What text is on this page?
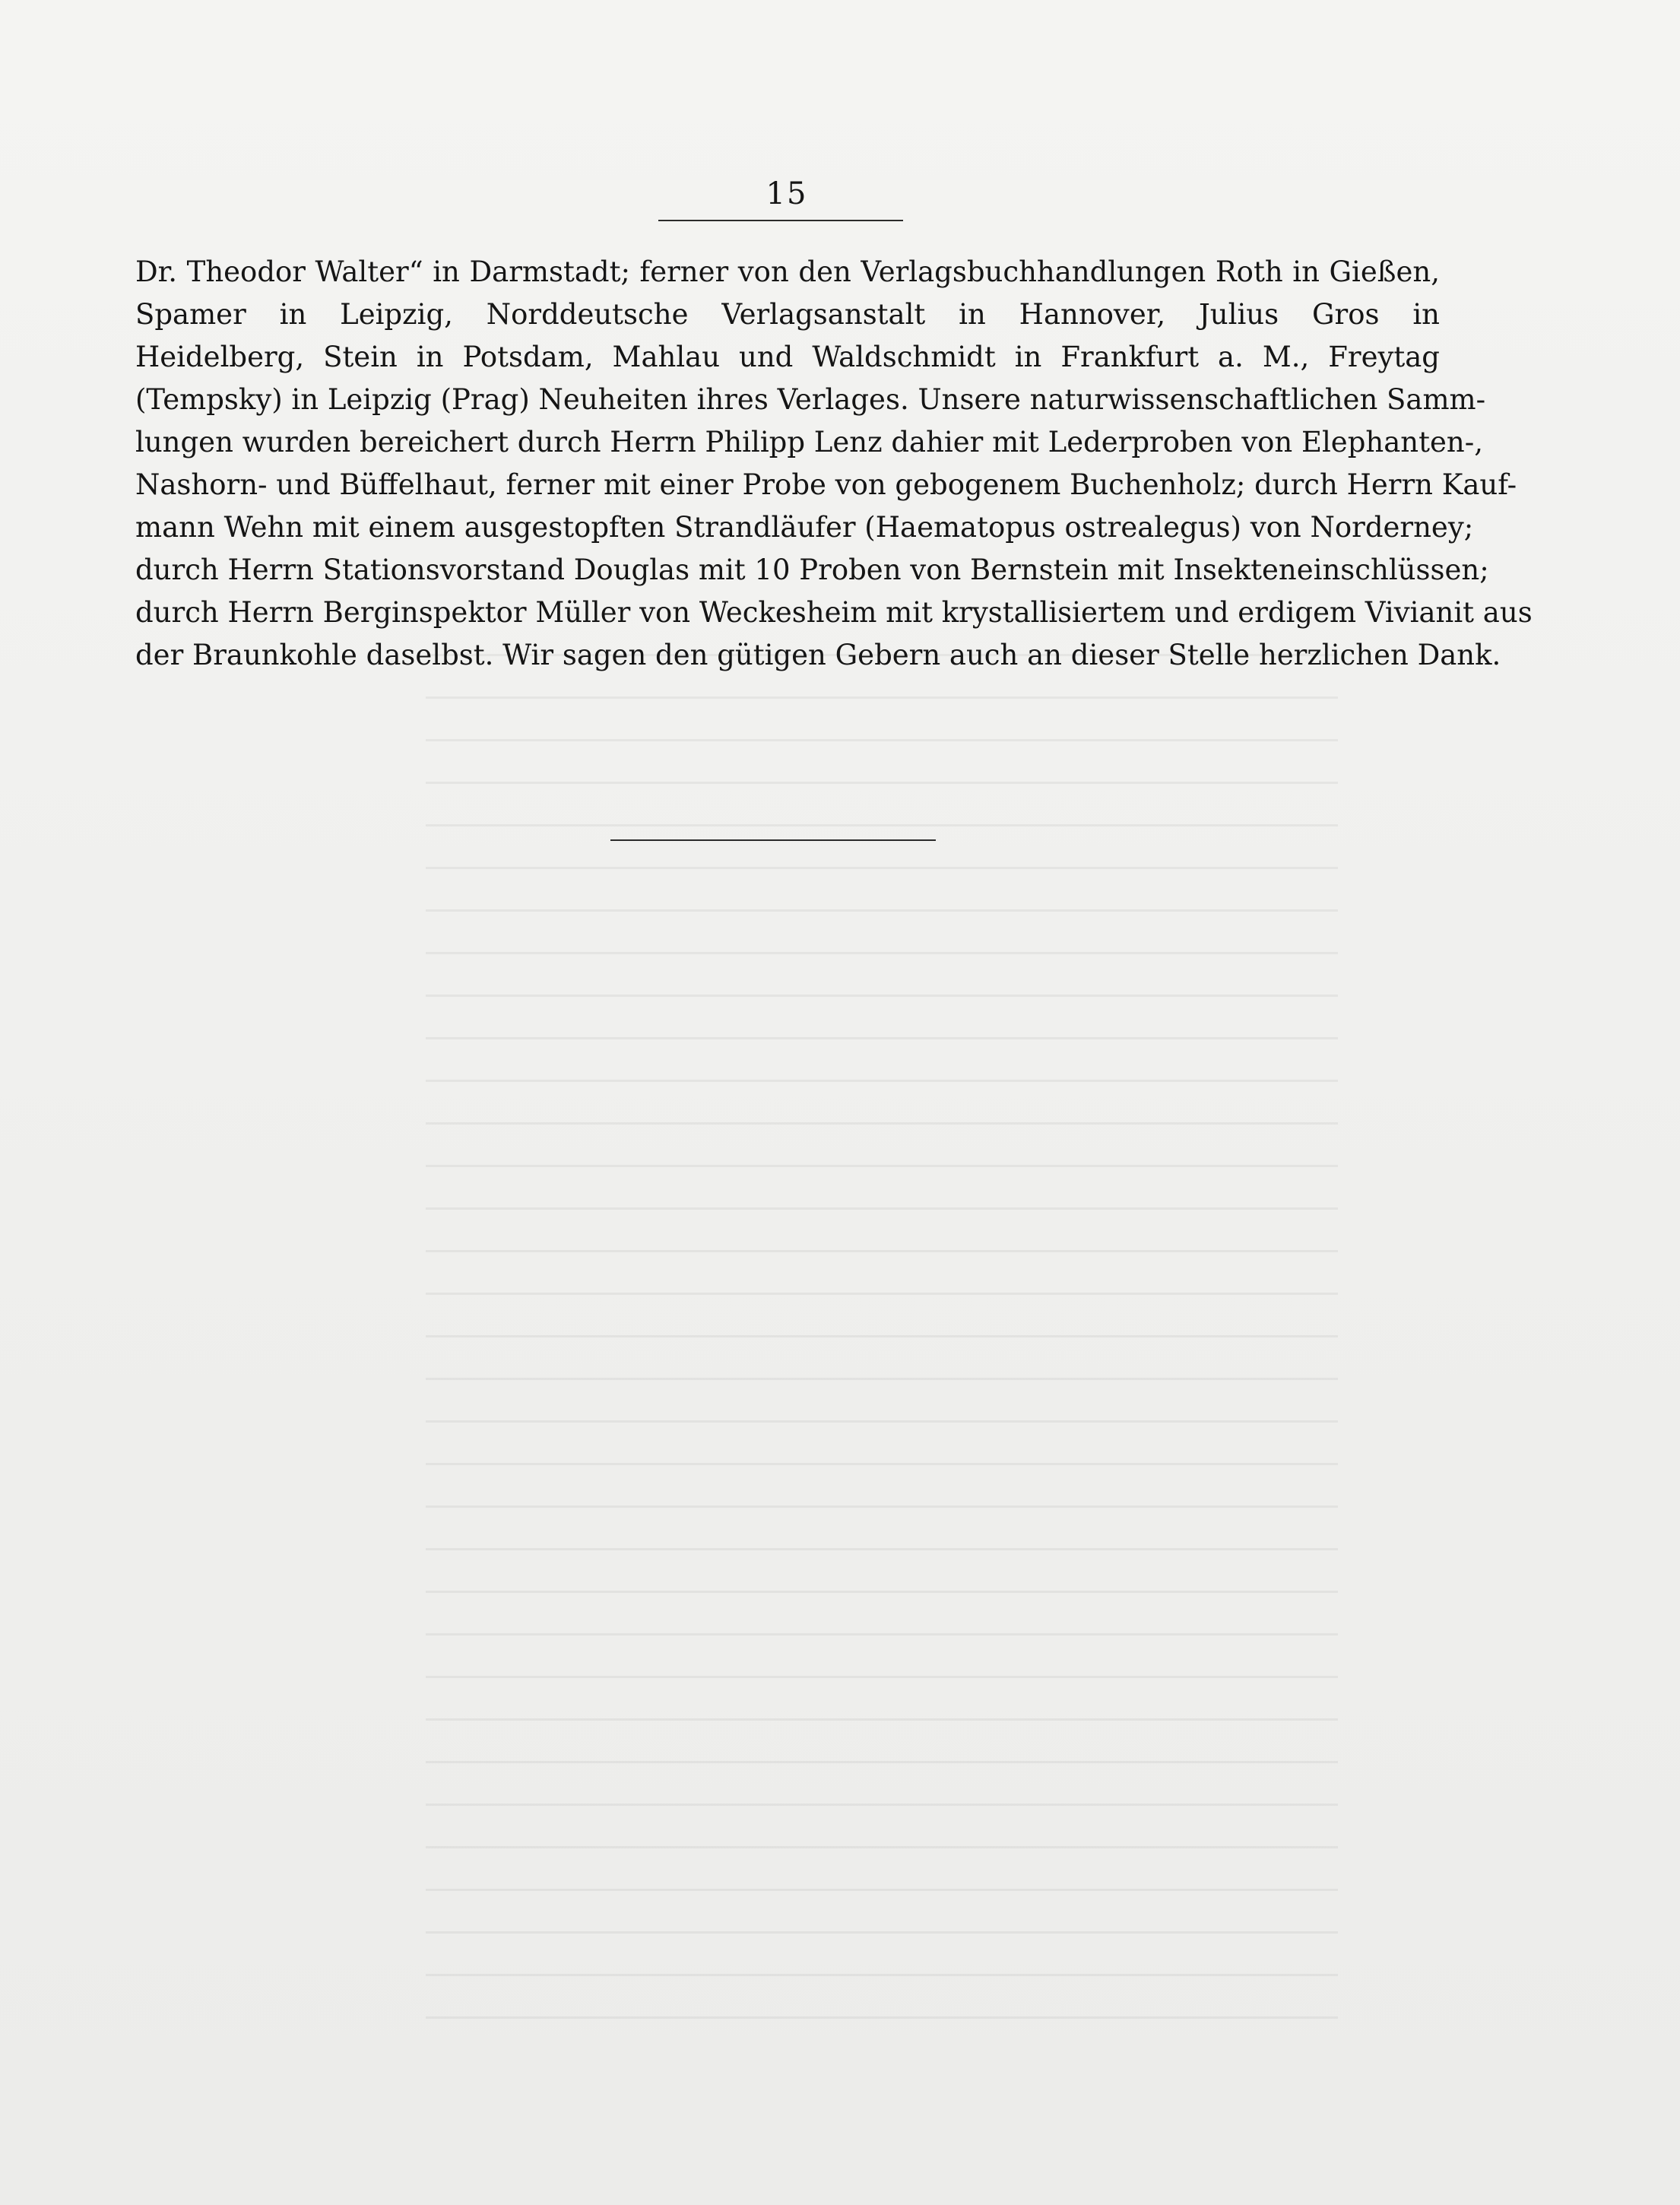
15
Dr. Theodor Walter“ in Darmstadt; ferner von den Verlagsbuchhandlungen Roth in Gießen,
Spamer in Leipzig, Norddeutsche Verlagsanstalt in Hannover, Julius Gros in
Heidelberg, Stein in Potsdam, Mahlau und Waldschmidt in Frankfurt a. M., Freytag
(Tempsky) in Leipzig (Prag) Neuheiten ihres Verlages. Unsere naturwissenschaftlichen Samm-
lungen wurden bereichert durch Herrn Philipp Lenz dahier mit Lederproben von Elephanten-,
Nashorn- und Büffelhaut, ferner mit einer Probe von gebogenem Buchenholz; durch Herrn Kauf-
mann Wehn mit einem ausgestopften Strandläufer (Haematopus ostrealegus) von Norderney;
durch Herrn Stationsvorstand Douglas mit 10 Proben von Bernstein mit Insekteneinschlüssen;
durch Herrn Berginspektor Müller von Weckesheim mit krystallisiertem und erdigem Vivianit aus
der Braunkohle daselbst. Wir sagen den gütigen Gebern auch an dieser Stelle herzlichen Dank.
